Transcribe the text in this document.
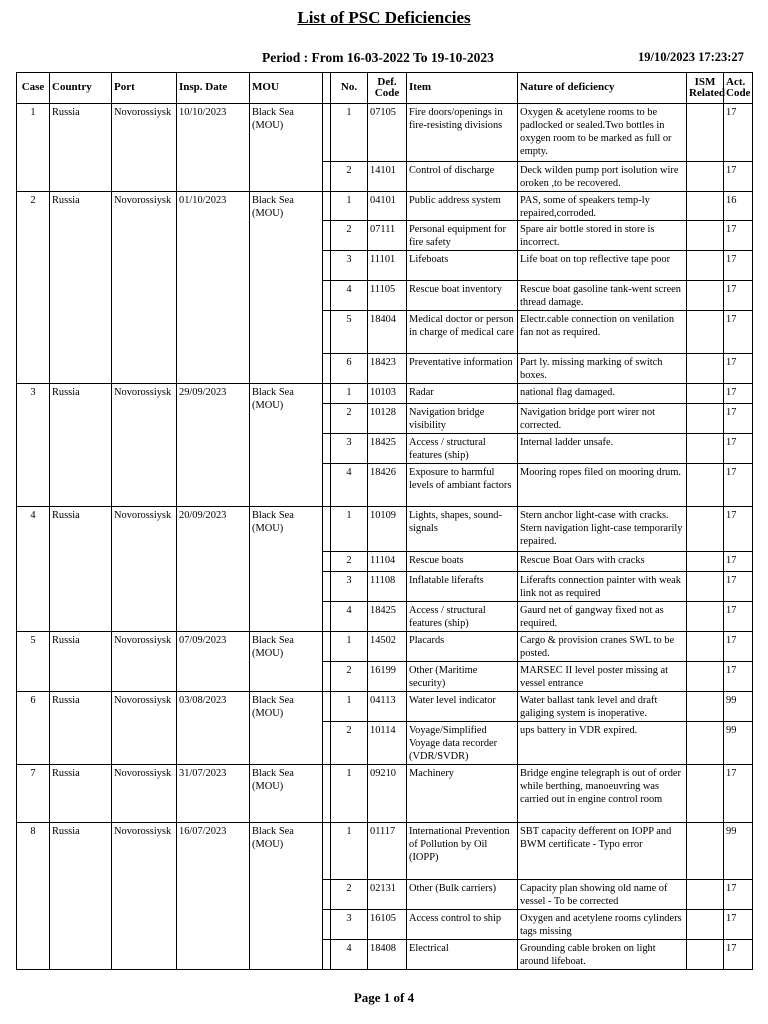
List of PSC Deficiencies
Period : From 16-03-2022 To 19-10-2023	19/10/2023 17:23:27
Case	Country	Port	Insp. Date	MOU		No.	Def. Code	Item	Nature of deficiency	ISM Related	Act. Code
1	Russia	Novorossiysk	10/10/2023	Black Sea (MOU)		1	07105	Fire doors/openings in fire-resisting divisions	Oxygen & acetylene rooms to be padlocked or sealed.Two bottles in oxygen room to be marked as full or empty.		17
						2	14101	Control of discharge	Deck wilden pump port isolution wire oroken ,to be recovered.		17
2	Russia	Novorossiysk	01/10/2023	Black Sea (MOU)		1	04101	Public address system	PAS, some of speakers temp-ly repaired,corroded.		16
						2	07111	Personal equipment for fire safety	Spare air bottle stored in store is incorrect.		17
						3	11101	Lifeboats	Life boat on top reflective tape poor		17
						4	11105	Rescue boat inventory	Rescue boat gasoline tank-went screen thread damage.		17
						5	18404	Medical doctor or person in charge of medical care	Electr.cable connection on venilation fan not as required.		17
						6	18423	Preventative information	Part ly. missing marking of switch boxes.		17
3	Russia	Novorossiysk	29/09/2023	Black Sea (MOU)		1	10103	Radar	national flag damaged.		17
						2	10128	Navigation bridge visibility	Navigation bridge port wirer not corrected.		17
						3	18425	Access / structural features (ship)	Internal ladder unsafe.		17
						4	18426	Exposure to harmful levels of ambiant factors	Mooring ropes filed on mooring drum.		17
4	Russia	Novorossiysk	20/09/2023	Black Sea (MOU)		1	10109	Lights, shapes, sound-signals	Stern anchor light-case with cracks. Stern navigation light-case temporarily repaired.		17
						2	11104	Rescue boats	Rescue Boat Oars with cracks		17
						3	11108	Inflatable liferafts	Liferafts connection painter with weak link not as required		17
						4	18425	Access / structural features (ship)	Gaurd net of gangway fixed not as required.		17
5	Russia	Novorossiysk	07/09/2023	Black Sea (MOU)		1	14502	Placards	Cargo & provision cranes SWL to be posted.		17
						2	16199	Other (Maritime security)	MARSEC II level poster missing at vessel entrance		17
6	Russia	Novorossiysk	03/08/2023	Black Sea (MOU)		1	04113	Water level indicator	Water ballast tank level and draft galiging system is inoperative.		99
						2	10114	Voyage/Simplified Voyage data recorder (VDR/SVDR)	ups battery in VDR expired.		99
7	Russia	Novorossiysk	31/07/2023	Black Sea (MOU)		1	09210	Machinery	Bridge engine telegraph is out of order while berthing, manoeuvring was carried out in engine control room		17
8	Russia	Novorossiysk	16/07/2023	Black Sea (MOU)		1	01117	International Prevention of Pollution by Oil (IOPP)	SBT capacity defferent on IOPP and BWM certificate - Typo error		99
						2	02131	Other (Bulk carriers)	Capacity plan showing old name of vessel - To be corrected		17
						3	16105	Access control to ship	Oxygen and acetylene rooms cylinders tags missing		17
						4	18408	Electrical	Grounding cable broken on light around lifeboat.		17
Page 1 of 4
